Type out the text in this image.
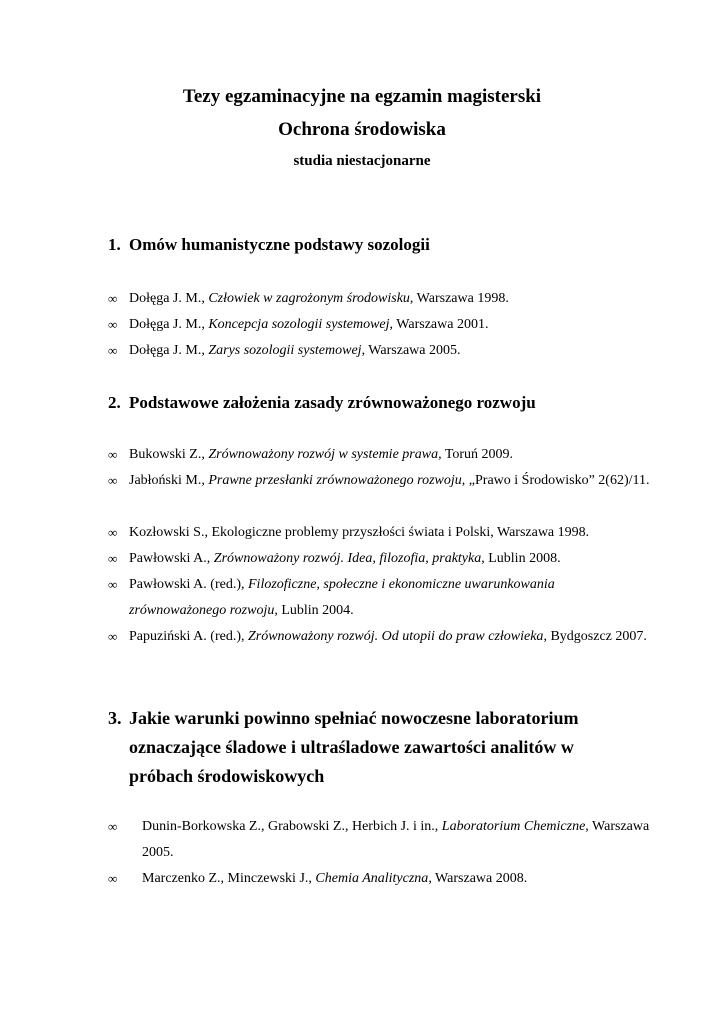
Tezy egzaminacyjne na egzamin magisterski
Ochrona środowiska
studia niestacjonarne
1. Omów humanistyczne podstawy sozologii
∞ Dołęga J. M., Człowiek w zagrożonym środowisku, Warszawa 1998.
∞ Dołęga J. M., Koncepcja sozologii systemowej, Warszawa 2001.
∞ Dołęga J. M., Zarys sozologii systemowej, Warszawa 2005.
2. Podstawowe założenia zasady zrównoważonego rozwoju
∞ Bukowski Z., Zrównoważony rozwój w systemie prawa, Toruń 2009.
∞ Jabłoński M., Prawne przesłanki zrównoważonego rozwoju, „Prawo i Środowisko” 2(62)/11.
∞ Kozłowski S., Ekologiczne problemy przyszłości świata i Polski, Warszawa 1998.
∞ Pawłowski A., Zrównoważony rozwój. Idea, filozofia, praktyka, Lublin 2008.
∞ Pawłowski A. (red.), Filozoficzne, społeczne i ekonomiczne uwarunkowania zrównoważonego rozwoju, Lublin 2004.
∞ Papuziński A. (red.), Zrównoważony rozwój. Od utopii do praw człowieka, Bydgoszcz 2007.
3. Jakie warunki powinno spełniać nowoczesne laboratorium oznaczające śladowe i ultraśladowe zawartości analitów w próbach środowiskowych
∞ Dunin-Borkowska Z., Grabowski Z., Herbich J. i in., Laboratorium Chemiczne, Warszawa 2005.
∞ Marczenko Z., Minczewski J., Chemia Analityczna, Warszawa 2008.
